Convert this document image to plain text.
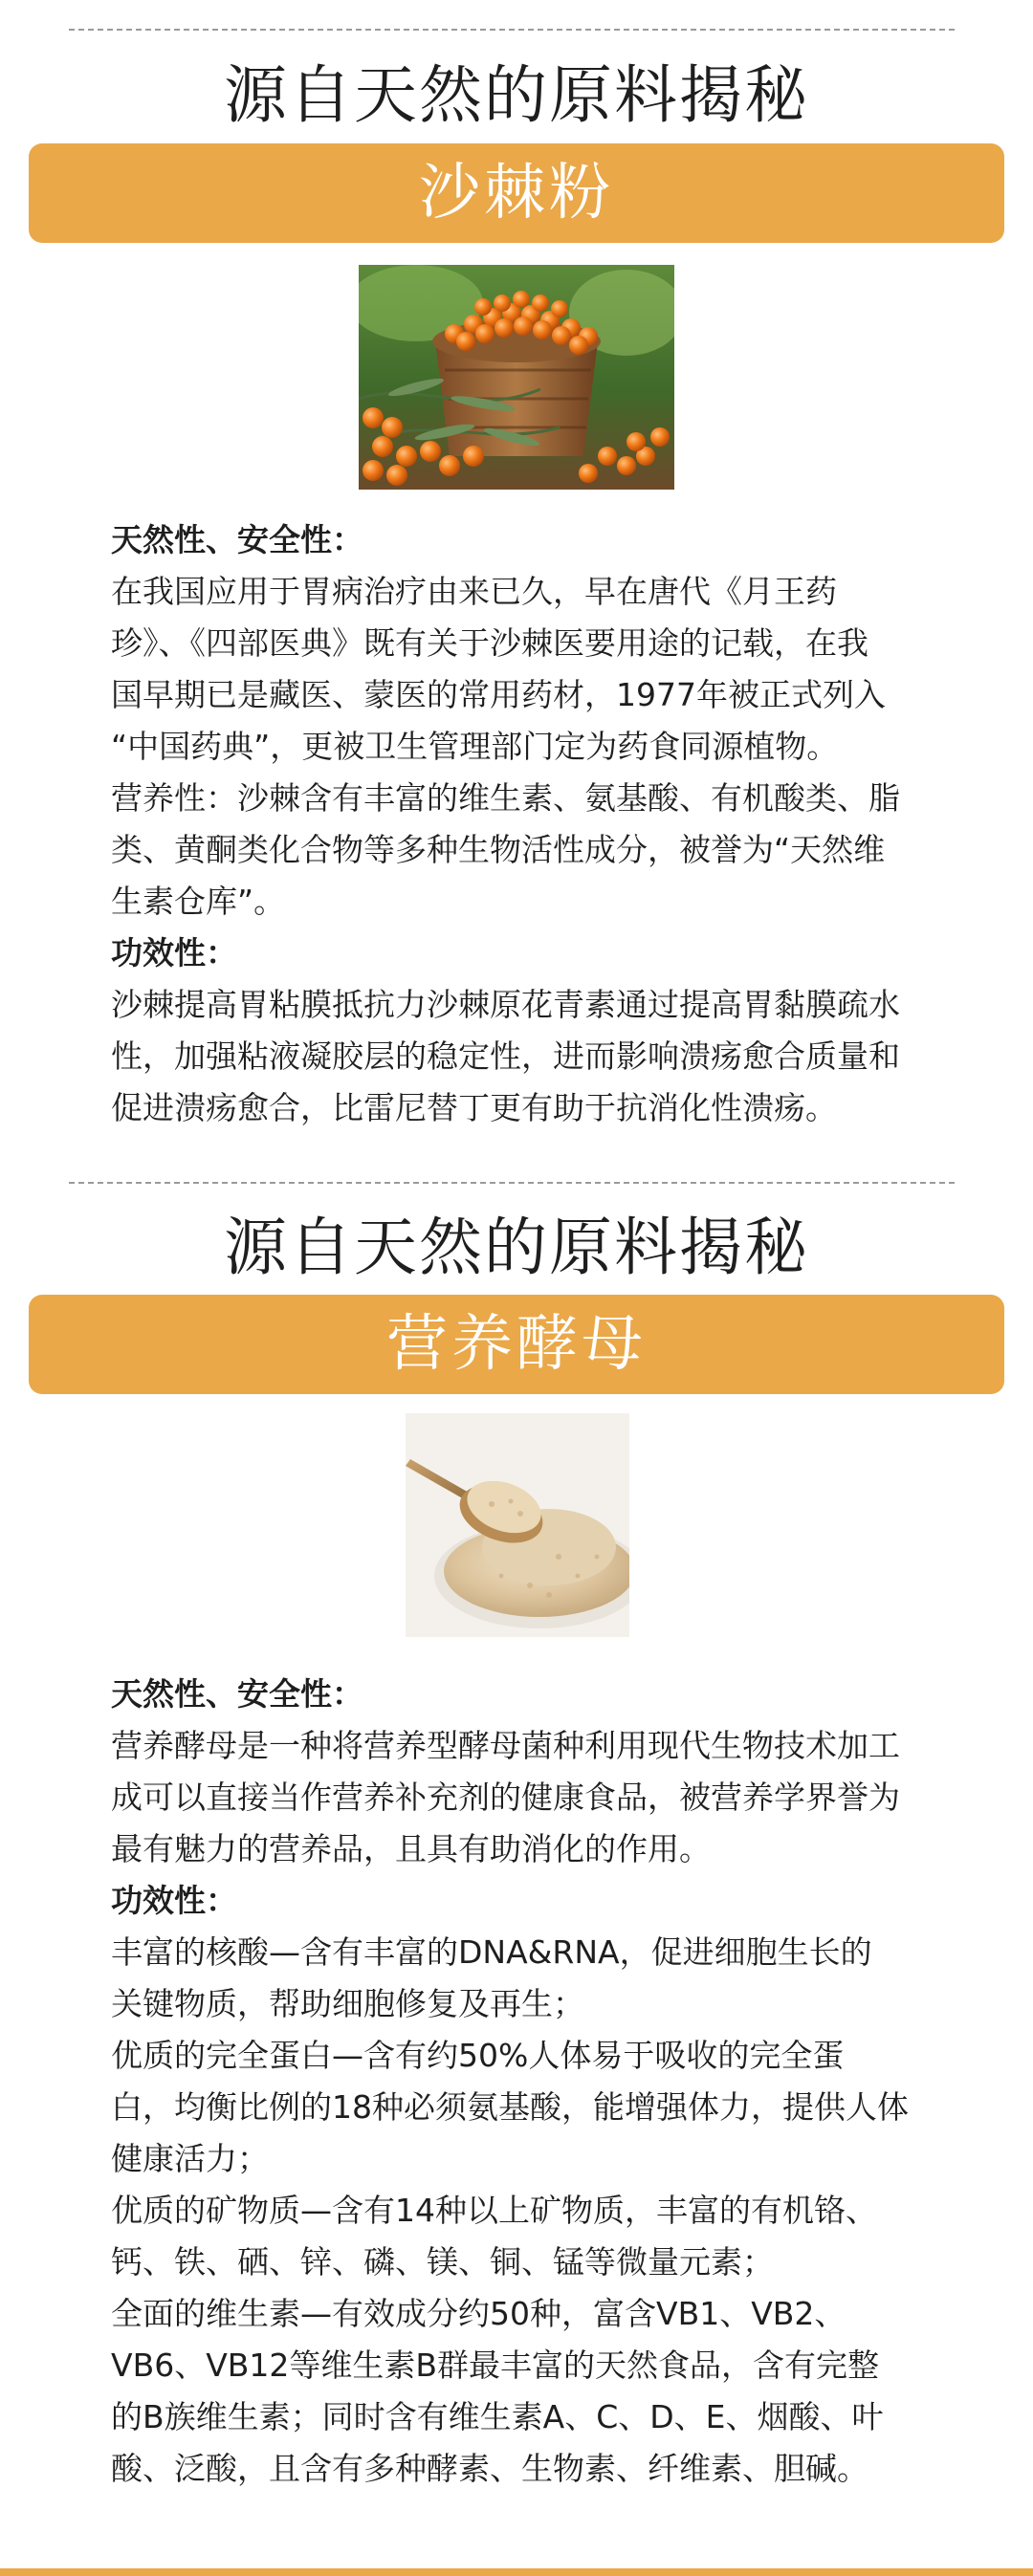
源自天然的原料揭秘
沙棘粉

天然性、安全性：

在我国应用于胃病治疗由来已久，早在唐代《月王药

珍》、《四部医典》既有关于沙棘医要用途的记载，在我

国早期已是藏医、蒙医的常用药材，1977年被正式列入

“中国药典”，更被卫生管理部门定为药食同源植物。

营养性：沙棘含有丰富的维生素、氨基酸、有机酸类、脂

类、黄酮类化合物等多种生物活性成分，被誉为“天然维

生素仓库”。

功效性：

沙棘提高胃粘膜抵抗力沙棘原花青素通过提高胃黏膜疏水

性，加强粘液凝胶层的稳定性，进而影响溃疡愈合质量和

促进溃疡愈合，比雷尼替丁更有助于抗消化性溃疡。

源自天然的原料揭秘
营养酵母

天然性、安全性：

营养酵母是一种将营养型酵母菌种利用现代生物技术加工

成可以直接当作营养补充剂的健康食品，被营养学界誉为

最有魅力的营养品，且具有助消化的作用。

功效性：

丰富的核酸—含有丰富的DNA&RNA，促进细胞生长的

关键物质，帮助细胞修复及再生；

优质的完全蛋白—含有约50%人体易于吸收的完全蛋

白，均衡比例的18种必须氨基酸，能增强体力，提供人体

健康活力；

优质的矿物质—含有14种以上矿物质，丰富的有机铬、

钙、铁、硒、锌、磷、镁、铜、锰等微量元素；

全面的维生素—有效成分约50种，富含VB1、VB2、

VB6、VB12等维生素B群最丰富的天然食品，含有完整

的B族维生素；同时含有维生素A、C、D、E、烟酸、叶

酸、泛酸，且含有多种酵素、生物素、纤维素、胆碱。
